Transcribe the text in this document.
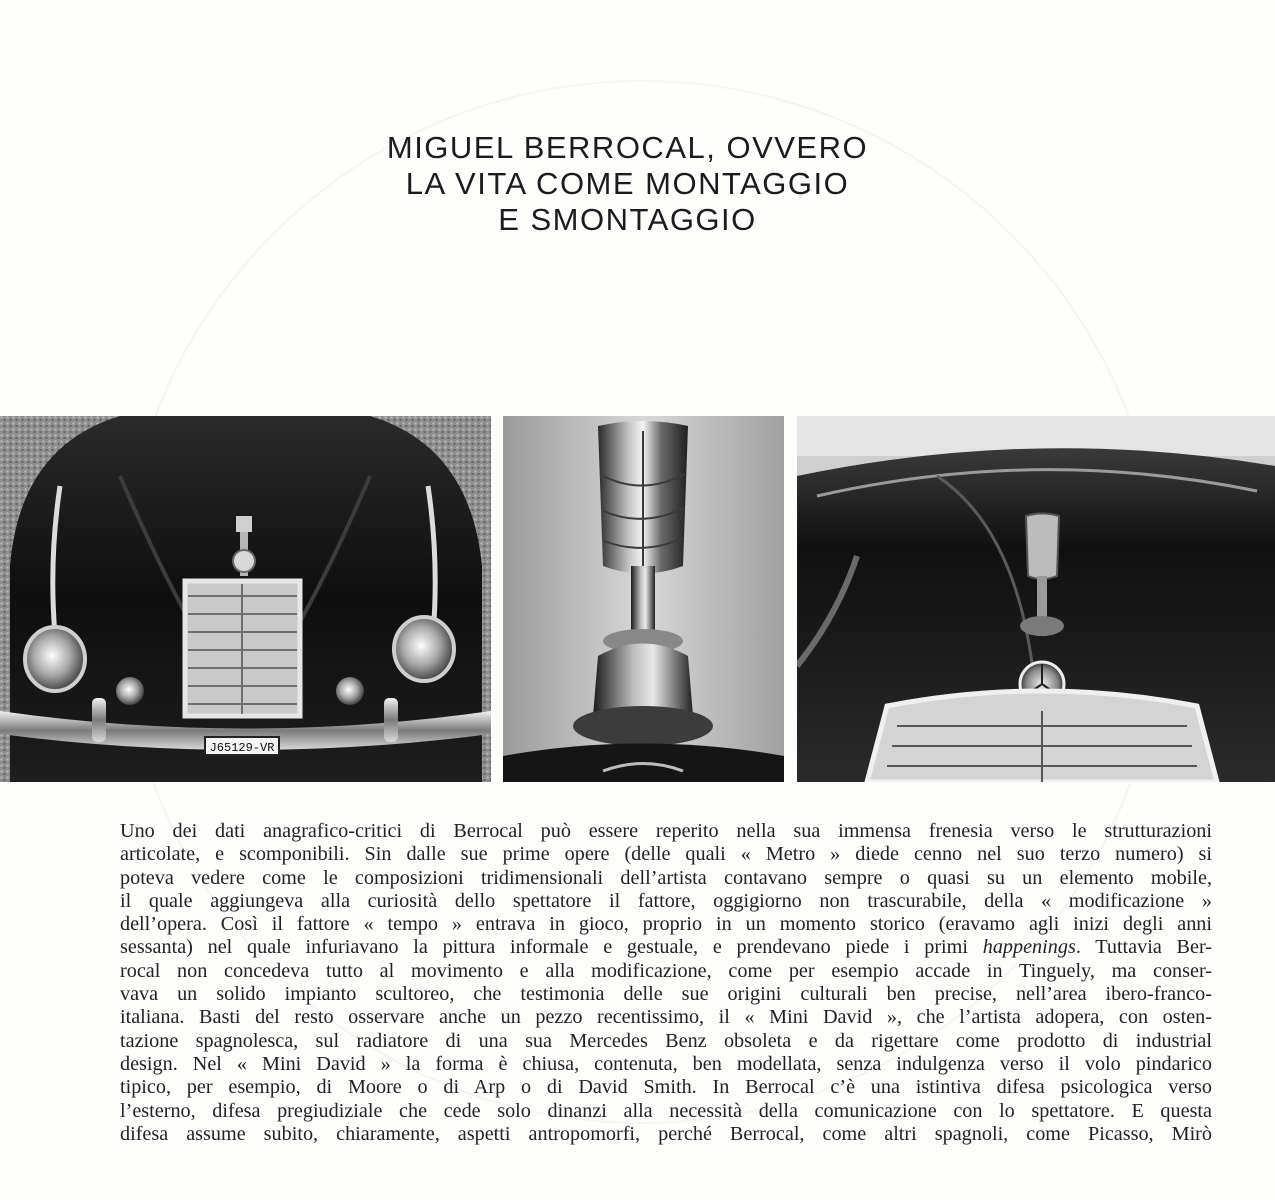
MIGUEL BERROCAL, OVVERO
LA VITA COME MONTAGGIO
E SMONTAGGIO
J65129-VR
Uno dei dati anagrafico-critici di Berrocal può essere reperito nella sua immensa frenesia verso le strutturazioni
articolate, e scomponibili. Sin dalle sue prime opere (delle quali « Metro » diede cenno nel suo terzo numero) si
poteva vedere come le composizioni tridimensionali dell’artista contavano sempre o quasi su un elemento mobile,
il quale aggiungeva alla curiosità dello spettatore il fattore, oggigiorno non trascurabile, della « modificazione »
dell’opera. Così il fattore « tempo » entrava in gioco, proprio in un momento storico (eravamo agli inizi degli anni
sessanta) nel quale infuriavano la pittura informale e gestuale, e prendevano piede i primi happenings. Tuttavia Ber-
rocal non concedeva tutto al movimento e alla modificazione, come per esempio accade in Tinguely, ma conser-
vava un solido impianto scultoreo, che testimonia delle sue origini culturali ben precise, nell’area ibero-franco-
italiana. Basti del resto osservare anche un pezzo recentissimo, il « Mini David », che l’artista adopera, con osten-
tazione spagnolesca, sul radiatore di una sua Mercedes Benz obsoleta e da rigettare come prodotto di industrial
design. Nel « Mini David » la forma è chiusa, contenuta, ben modellata, senza indulgenza verso il volo pindarico
tipico, per esempio, di Moore o di Arp o di David Smith. In Berrocal c’è una istintiva difesa psicologica verso
l’esterno, difesa pregiudiziale che cede solo dinanzi alla necessità della comunicazione con lo spettatore. E questa
difesa assume subito, chiaramente, aspetti antropomorfi, perché Berrocal, come altri spagnoli, come Picasso, Mirò
